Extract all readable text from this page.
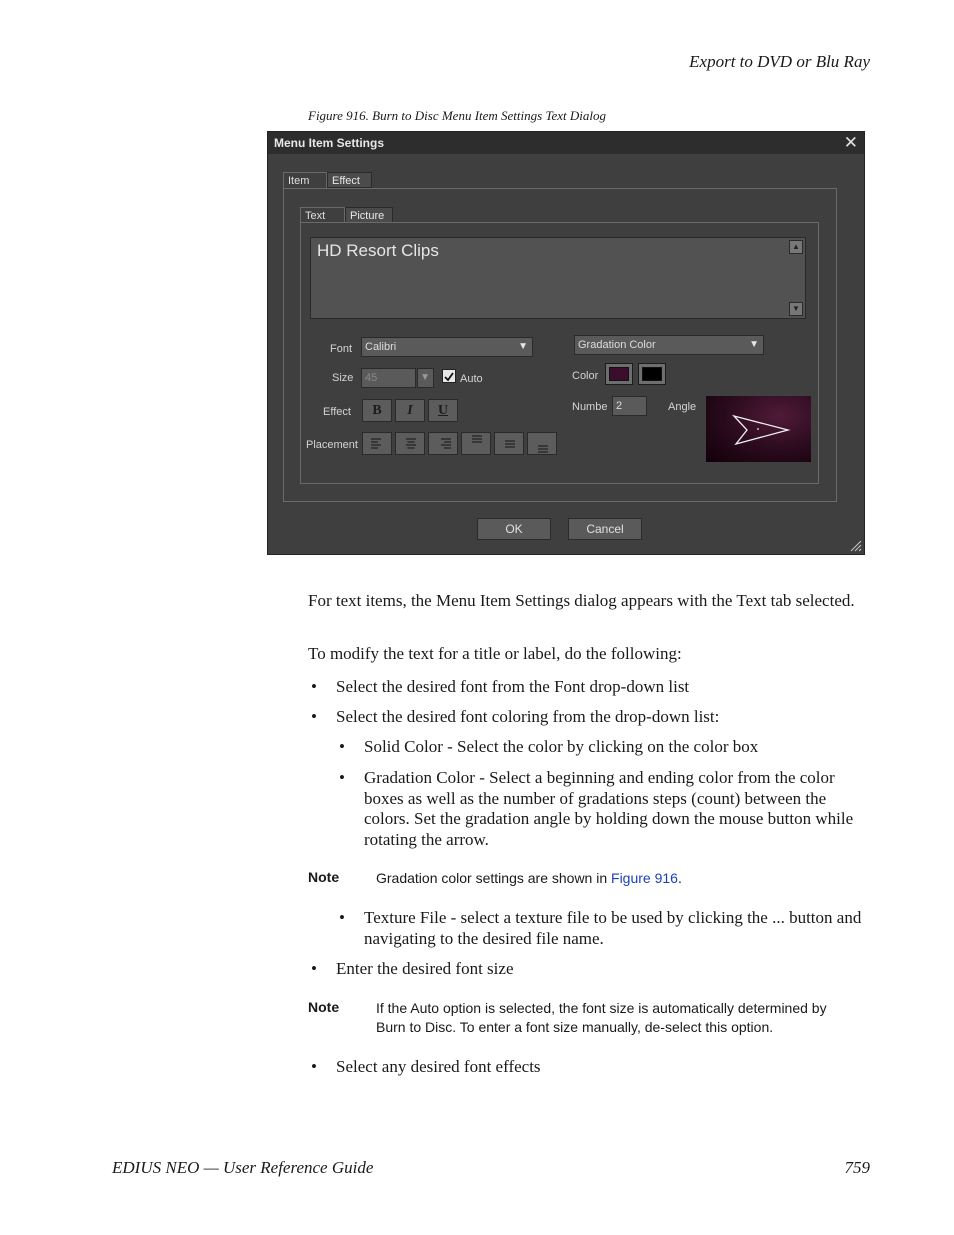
Export to DVD or Blu Ray
Figure 916. Burn to Disc Menu Item Settings Text Dialog
Menu Item Settings	✕
Item	Effect
Text	Picture
HD Resort Clips	▲
▼
Font	Calibri	▼
Size	45	▼	Auto
Effect	B	I	U
Placement
Gradation Color	▼
Color
Numbe 2	Angle
OK	Cancel
For text items, the Menu Item Settings dialog appears with the Text tab selected.
To modify the text for a title or label, do the following:
• Select the desired font from the Font drop-down list
• Select the desired font coloring from the drop-down list:
• Solid Color - Select the color by clicking on the color box
• Gradation Color - Select a beginning and ending color from the color boxes as well as the number of gradations steps (count) between the colors. Set the gradation angle by holding down the mouse button while rotating the arrow.
Note	Gradation color settings are shown in Figure 916.
• Texture File - select a texture file to be used by clicking the ... button and navigating to the desired file name.
• Enter the desired font size
Note	If the Auto option is selected, the font size is automatically determined by Burn to Disc. To enter a font size manually, de-select this option.
• Select any desired font effects
EDIUS NEO — User Reference Guide	759
